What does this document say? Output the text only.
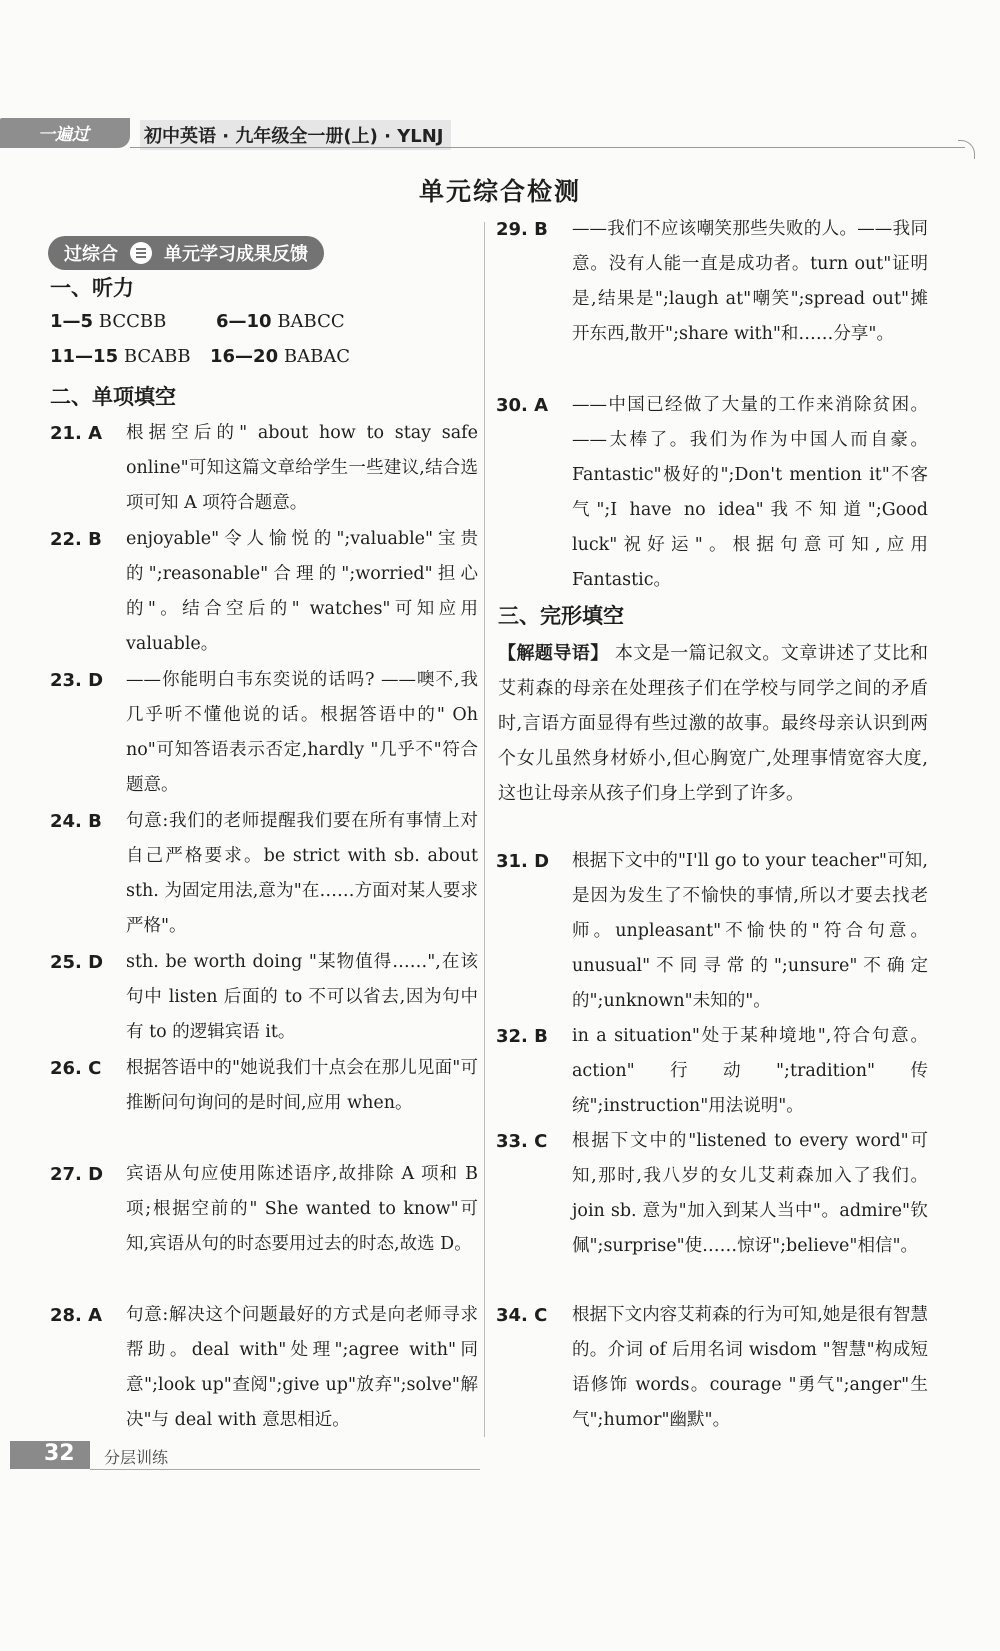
一遍过	初中英语 · 九年级全一册(上) · YLNJ
单元综合检测
过综合	单元学习成果反馈
一、听力
1—5 BCCBB	6—10 BABCC
11—15 BCABB 16—20 BABAC
二、单项填空
21. A	根据空后的" about how to stay safe online"可知这篇文章给学生一些建议,结合选项可知 A 项符合题意。
22. B	enjoyable"令人愉悦的";valuable"宝贵的";reasonable"合理的";worried"担心的"。结合空后的" watches"可知应用 valuable。
23. D	——你能明白韦东奕说的话吗? ——噢不,我几乎听不懂他说的话。根据答语中的" Oh no"可知答语表示否定,hardly "几乎不"符合题意。
24. B	句意:我们的老师提醒我们要在所有事情上对自己严格要求。be strict with sb. about sth. 为固定用法,意为"在……方面对某人要求严格"。
25. D	sth. be worth doing "某物值得……",在该句中 listen 后面的 to 不可以省去,因为句中有 to 的逻辑宾语 it。
26. C	根据答语中的"她说我们十点会在那儿见面"可推断问句询问的是时间,应用 when。
27. D	宾语从句应使用陈述语序,故排除 A 项和 B 项;根据空前的" She wanted to know"可知,宾语从句的时态要用过去的时态,故选 D。
28. A	句意:解决这个问题最好的方式是向老师寻求帮助。deal with"处理";agree with"同意";look up"查阅";give up"放弃";solve"解决"与 deal with 意思相近。
29. B	——我们不应该嘲笑那些失败的人。——我同意。没有人能一直是成功者。turn out"证明是,结果是";laugh at"嘲笑";spread out"摊开东西,散开";share with"和……分享"。
30. A	——中国已经做了大量的工作来消除贫困。——太棒了。我们为作为中国人而自豪。Fantastic"极好的";Don't mention it"不客气";I have no idea"我不知道";Good luck"祝好运"。根据句意可知,应用 Fantastic。
三、完形填空
【解题导语】 本文是一篇记叙文。文章讲述了艾比和艾莉森的母亲在处理孩子们在学校与同学之间的矛盾时,言语方面显得有些过激的故事。最终母亲认识到两个女儿虽然身材娇小,但心胸宽广,处理事情宽容大度,这也让母亲从孩子们身上学到了许多。
31. D	根据下文中的"I'll go to your teacher"可知,是因为发生了不愉快的事情,所以才要去找老师。unpleasant"不愉快的"符合句意。unusual"不同寻常的";unsure"不确定的";unknown"未知的"。
32. B	in a situation"处于某种境地",符合句意。action"行动";tradition"传统";instruction"用法说明"。
33. C	根据下文中的"listened to every word"可知,那时,我八岁的女儿艾莉森加入了我们。join sb. 意为"加入到某人当中"。admire"钦佩";surprise"使……惊讶";believe"相信"。
34. C	根据下文内容艾莉森的行为可知,她是很有智慧的。介词 of 后用名词 wisdom "智慧"构成短语修饰 words。courage "勇气";anger"生气";humor"幽默"。
32 分层训练
